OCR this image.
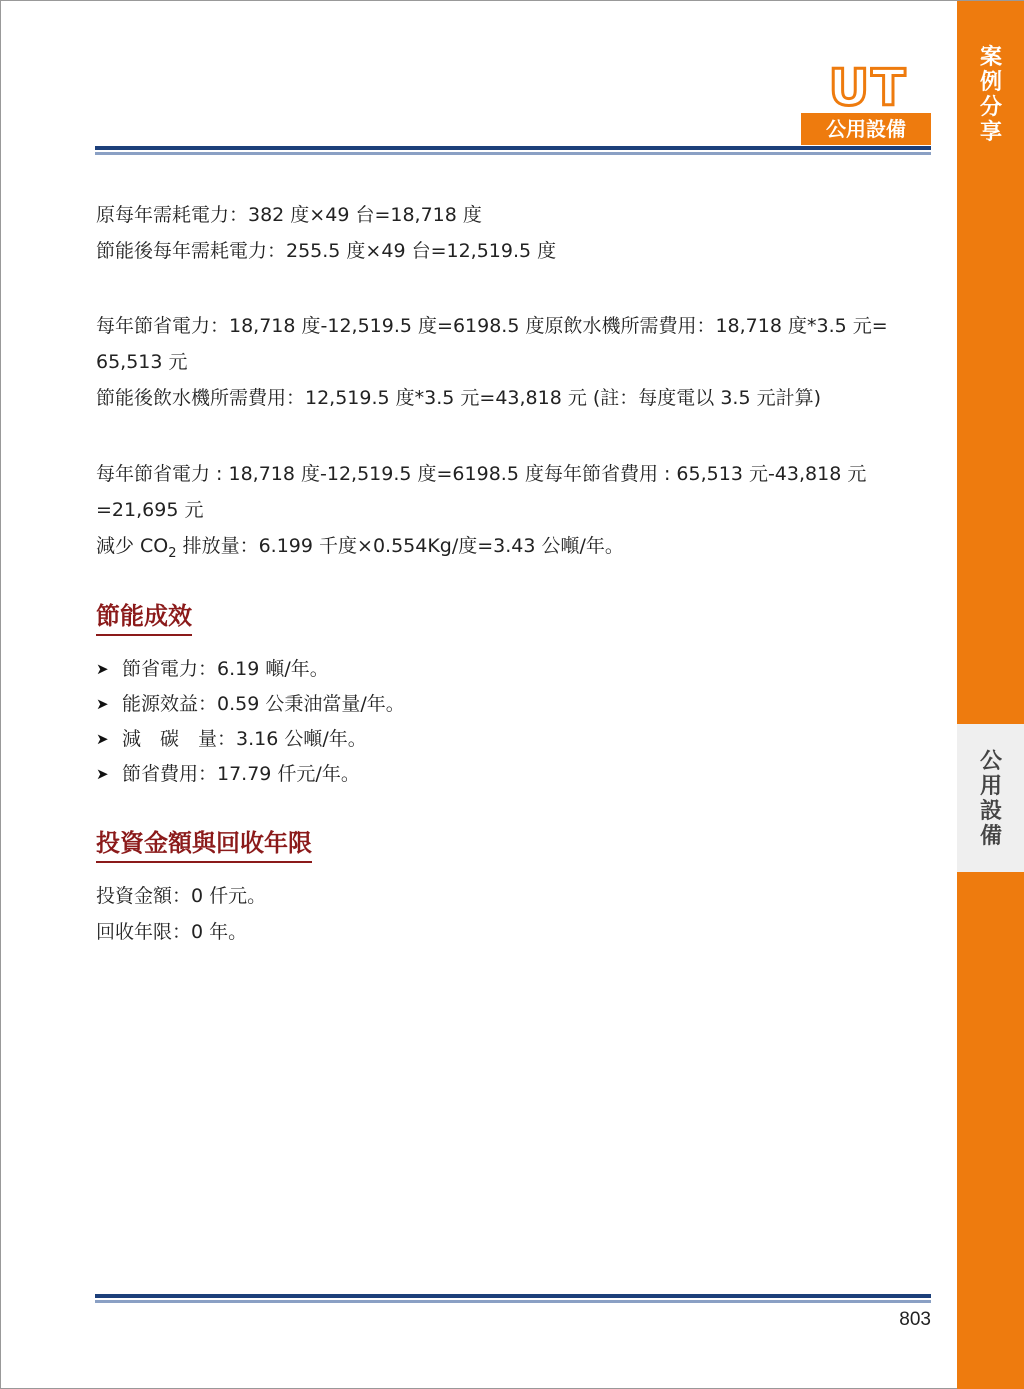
案
例
分
享
公
用
設
備
UT
公用設備

原每年需耗電力：382 度×49 台=18,718 度

節能後每年需耗電力：255.5 度×49 台=12,519.5 度

每年節省電力：18,718 度-12,519.5 度=6198.5 度原飲水機所需費用：18,718 度*3.5 元= 65,513 元

節能後飲水機所需費用：12,519.5 度*3.5 元=43,818 元 (註：每度電以 3.5 元計算)

每年節省電力 : 18,718 度-12,519.5 度=6198.5 度每年節省費用 : 65,513 元-43,818 元 =21,695 元

減少 $CO_2$ 排放量：6.199 千度×0.554Kg/度=3.43 公噸/年。

節能成效
➤ 節省電力：6.19 噸/年。
➤ 能源效益：0.59 公秉油當量/年。
➤ 減　碳　量：3.16 公噸/年。
➤ 節省費用：17.79 仟元/年。
投資金額與回收年限

投資金額：0 仟元。

回收年限：0 年。

803
